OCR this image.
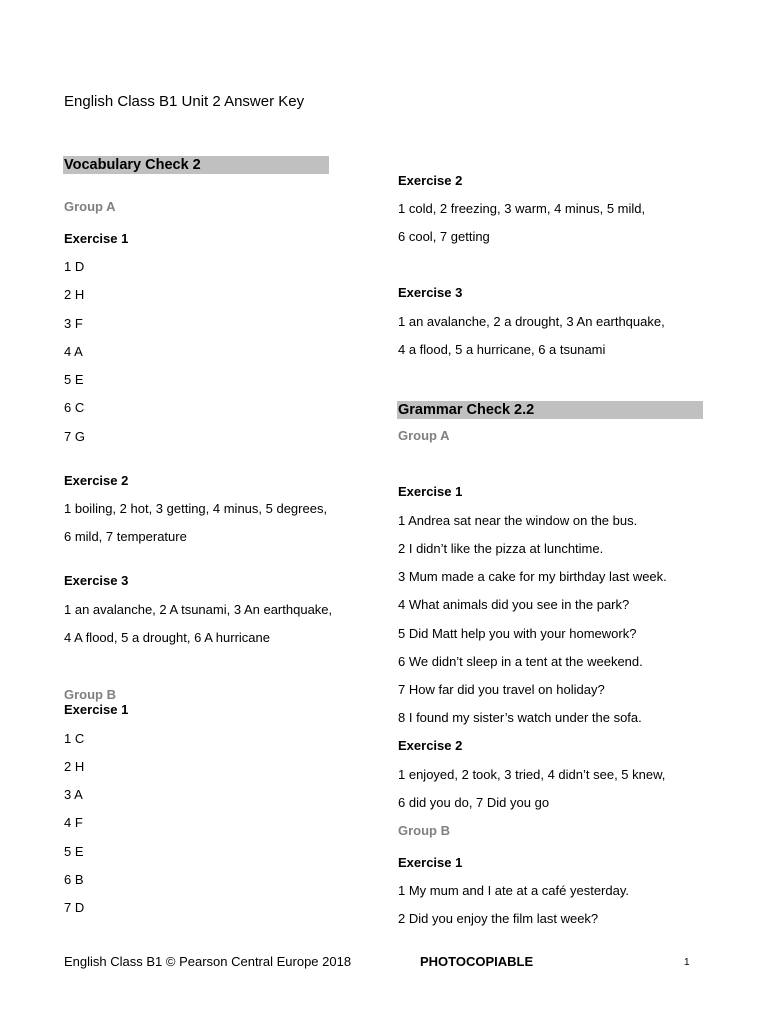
English Class B1 Unit 2 Answer Key
Vocabulary Check 2
Group A
Exercise 1
1 D
2 H
3 F
4 A
5 E
6 C
7 G
Exercise 2
1 boiling, 2 hot, 3 getting, 4 minus, 5 degrees,
6 mild, 7 temperature
Exercise 3
1 an avalanche, 2 A tsunami, 3 An earthquake,
4 A flood, 5 a drought, 6 A hurricane
Group B
Exercise 1
1 C
2 H
3 A
4 F
5 E
6 B
7 D
Exercise 2
1 cold, 2 freezing, 3 warm, 4 minus, 5 mild,
6 cool, 7 getting
Exercise 3
1 an avalanche, 2 a drought, 3 An earthquake,
4 a flood, 5 a hurricane, 6 a tsunami
Grammar Check 2.2
Group A
Exercise 1
1 Andrea sat near the window on the bus.
2 I didn’t like the pizza at lunchtime.
3 Mum made a cake for my birthday last week.
4 What animals did you see in the park?
5 Did Matt help you with your homework?
6 We didn’t sleep in a tent at the weekend.
7 How far did you travel on holiday?
8 I found my sister’s watch under the sofa.
Exercise 2
1 enjoyed, 2 took, 3 tried, 4 didn’t see, 5 knew,
6 did you do, 7 Did you go
Group B
Exercise 1
1 My mum and I ate at a café yesterday.
2 Did you enjoy the film last week?
English Class B1 © Pearson Central Europe 2018	PHOTOCOPIABLE	1
